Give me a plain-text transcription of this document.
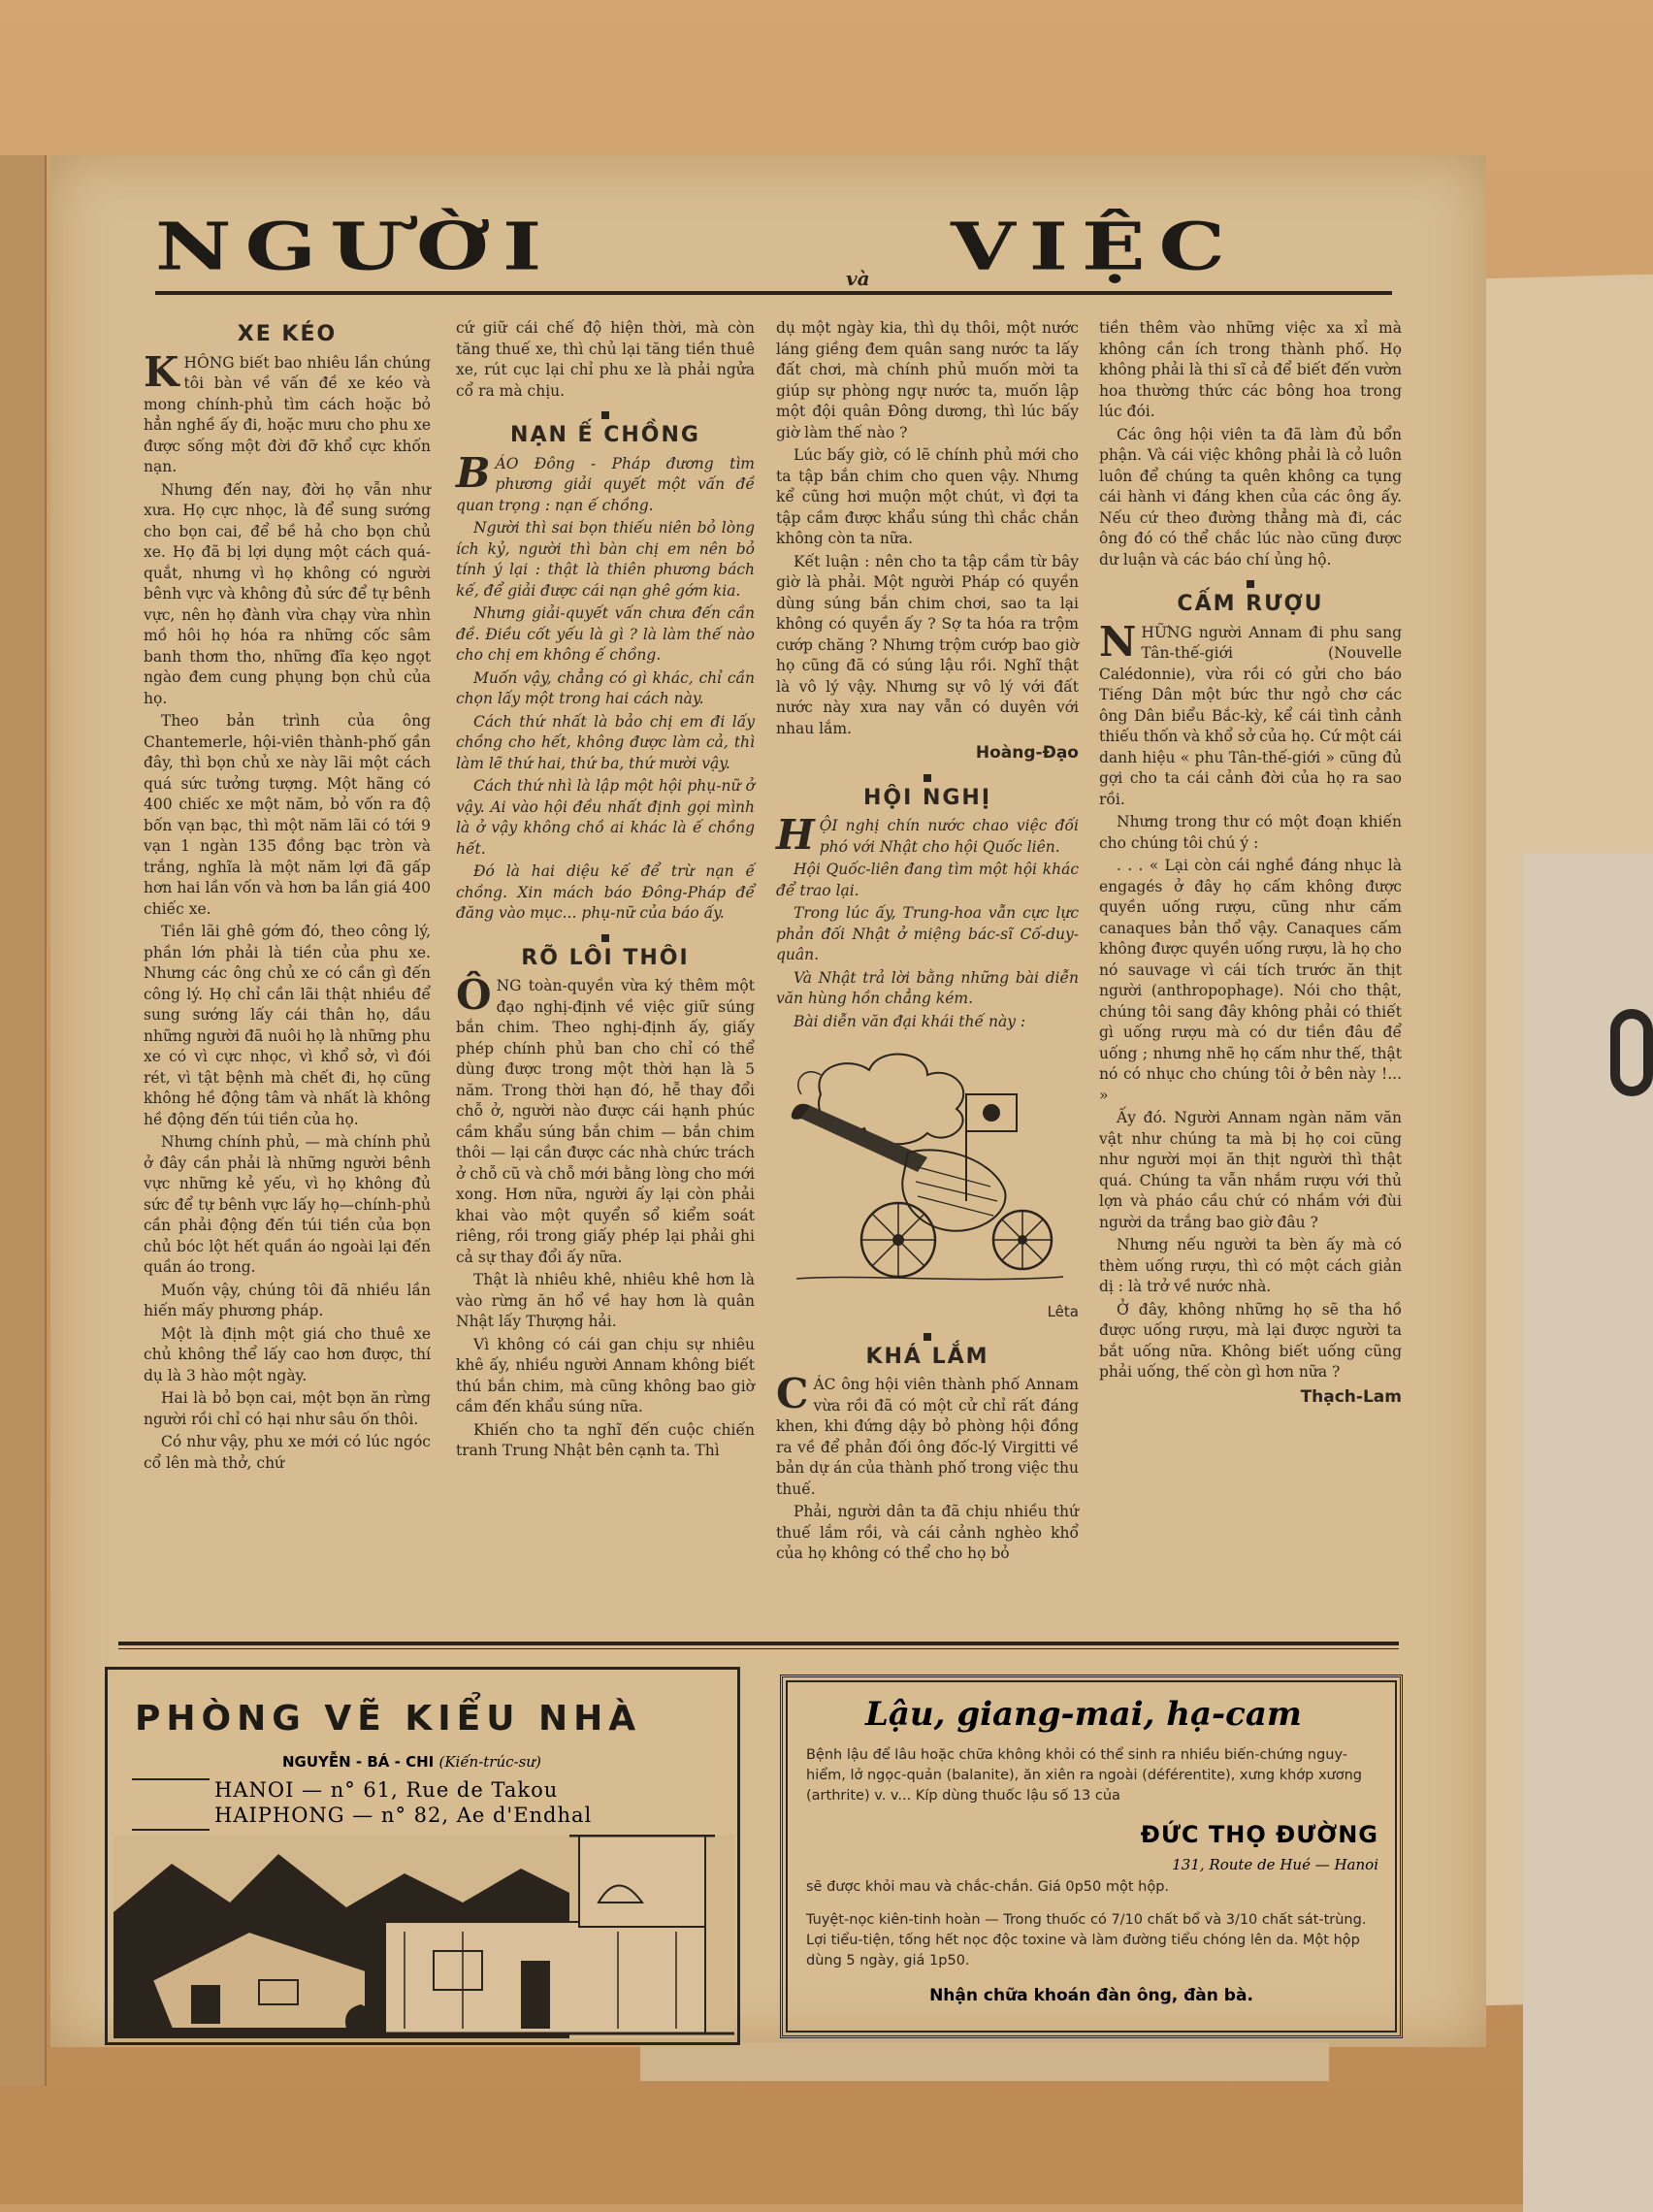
NGƯỜI	và VIỆC
XE KÉO

KHÔNG biết bao nhiêu lần chúng tôi bàn về vấn đề xe kéo và mong chính-phủ tìm cách hoặc bỏ hẳn nghề ấy đi, hoặc mưu cho phu xe được sống một đời đỡ khổ cực khốn nạn.

Nhưng đến nay, đời họ vẫn như xưa. Họ cực nhọc, là để sung sướng cho bọn cai, để bề hả cho bọn chủ xe. Họ đã bị lợi dụng một cách quá-quắt, nhưng vì họ không có người bênh vực và không đủ sức để tự bênh vực, nên họ đành vừa chạy vừa nhìn mồ hôi họ hóa ra những cốc sâm banh thơm tho, những đĩa kẹo ngọt ngào đem cung phụng bọn chủ của họ.

Theo bản trình của ông Chantemerle, hội-viên thành-phố gần đây, thì bọn chủ xe này lãi một cách quá sức tưởng tượng. Một hãng có 400 chiếc xe một năm, bỏ vốn ra độ bốn vạn bạc, thì một năm lãi có tới 9 vạn 1 ngàn 135 đồng bạc tròn và trắng, nghĩa là một năm lợi đã gấp hơn hai lần vốn và hơn ba lần giá 400 chiếc xe.

Tiền lãi ghê gớm đó, theo công lý, phần lớn phải là tiền của phu xe. Nhưng các ông chủ xe có cần gì đến công lý. Họ chỉ cần lãi thật nhiều để sung sướng lấy cái thân họ, dầu những người đã nuôi họ là những phu xe có vì cực nhọc, vì khổ sở, vì đói rét, vì tật bệnh mà chết đi, họ cũng không hề động tâm và nhất là không hề động đến túi tiền của họ.

Nhưng chính phủ, — mà chính phủ ở đây cần phải là những người bênh vực những kẻ yếu, vì họ không đủ sức để tự bênh vực lấy họ—chính-phủ cần phải động đến túi tiền của bọn chủ bóc lột hết quần áo ngoài lại đến quần áo trong.

Muốn vậy, chúng tôi đã nhiều lần hiến mấy phương pháp.

Một là định một giá cho thuê xe chủ không thể lấy cao hơn được, thí dụ là 3 hào một ngày.

Hai là bỏ bọn cai, một bọn ăn rừng người rồi chỉ có hại như sâu ốn thôi.

Có như vậy, phu xe mới có lúc ngóc cổ lên mà thở, chứ

cứ giữ cái chế độ hiện thời, mà còn tăng thuế xe, thì chủ lại tăng tiền thuê xe, rút cục lại chỉ phu xe là phải ngửa cổ ra mà chịu.

NẠN Ế CHỒNG

BÁO Đông - Pháp đương tìm phương giải quyết một vấn đề quan trọng : nạn ế chồng.

Người thì sai bọn thiếu niên bỏ lòng ích kỷ, người thì bàn chị em nên bỏ tính ý lại : thật là thiên phương bách kế, để giải được cái nạn ghê gớm kia.

Nhưng giải-quyết vấn chưa đến cần đề. Điều cốt yếu là gì ? là làm thế nào cho chị em không ế chồng.

Muốn vậy, chẳng có gì khác, chỉ cần chọn lấy một trong hai cách này.

Cách thứ nhất là bảo chị em đi lấy chồng cho hết, không được làm cả, thì làm lẽ thứ hai, thứ ba, thứ mười vậy.

Cách thứ nhì là lập một hội phụ-nữ ở vậy. Ai vào hội đều nhất định gọi mình là ở vậy không chồ ai khác là ế chồng hết.

Đó là hai diệu kế để trừ nạn ế chồng. Xin mách báo Đông-Pháp để đăng vào mục... phụ-nữ của báo ấy.

RÕ LÔI THÔI

ÔNG toàn-quyền vừa ký thêm một đạo nghị-định về việc giữ súng bắn chim. Theo nghị-định ấy, giấy phép chính phủ ban cho chỉ có thể dùng được trong một thời hạn là 5 năm. Trong thời hạn đó, hễ thay đổi chỗ ở, người nào được cái hạnh phúc cầm khẩu súng bắn chim — bắn chim thôi — lại cần được các nhà chức trách ở chỗ cũ và chỗ mới bằng lòng cho mới xong. Hơn nữa, người ấy lại còn phải khai vào một quyển sổ kiểm soát riêng, rồi trong giấy phép lại phải ghi cả sự thay đổi ấy nữa.

Thật là nhiêu khê, nhiêu khê hơn là vào rừng ăn hổ về hay hơn là quân Nhật lấy Thượng hải.

Vì không có cái gan chịu sự nhiêu khê ấy, nhiều người Annam không biết thú bắn chim, mà cũng không bao giờ cầm đến khẩu súng nữa.

Khiến cho ta nghĩ đến cuộc chiến tranh Trung Nhật bên cạnh ta. Thì

dụ một ngày kia, thì dụ thôi, một nước láng giềng đem quân sang nước ta lấy đất chơi, mà chính phủ muốn mời ta giúp sự phòng ngự nước ta, muốn lập một đội quân Đông dương, thì lúc bấy giờ làm thế nào ?

Lúc bấy giờ, có lẽ chính phủ mới cho ta tập bắn chim cho quen vậy. Nhưng kể cũng hơi muộn một chút, vì đợi ta tập cầm được khẩu súng thì chắc chắn không còn ta nữa.

Kết luận : nên cho ta tập cầm từ bây giờ là phải. Một người Pháp có quyền dùng súng bắn chim chơi, sao ta lại không có quyền ấy ? Sợ ta hóa ra trộm cướp chăng ? Nhưng trộm cướp bao giờ họ cũng đã có súng lậu rồi. Nghĩ thật là vô lý vậy. Nhưng sự vô lý với đất nước này xưa nay vẫn có duyên với nhau lắm.

Hoàng-Đạo
HỘI NGHỊ

HỘI nghị chín nước chao việc đối phó với Nhật cho hội Quốc liên.

Hội Quốc-liên đang tìm một hội khác để trao lại.

Trong lúc ấy, Trung-hoa vẫn cực lực phản đối Nhật ở miệng bác-sĩ Cố-duy-quân.

Và Nhật trả lời bằng những bài diễn văn hùng hồn chẳng kém.

Bài diễn văn đại khái thế này :

Lêta
KHÁ LẮM

CÁC ông hội viên thành phố Annam vừa rồi đã có một cử chỉ rất đáng khen, khi đứng dậy bỏ phòng hội đồng ra về để phản đối ông đốc-lý Virgitti về bản dự án của thành phố trong việc thu thuế.

Phải, người dân ta đã chịu nhiều thứ thuế lắm rồi, và cái cảnh nghèo khổ của họ không có thể cho họ bỏ

tiền thêm vào những việc xa xỉ mà không cần ích trong thành phố. Họ không phải là thi sĩ cả để biết đến vườn hoa thường thức các bông hoa trong lúc đói.

Các ông hội viên ta đã làm đủ bổn phận. Và cái việc không phải là cỏ luôn luôn để chúng ta quên không ca tụng cái hành vi đáng khen của các ông ấy. Nếu cứ theo đường thẳng mà đi, các ông đó có thể chắc lúc nào cũng được dư luận và các báo chí ủng hộ.

CẤM RƯỢU

NHỮNG người Annam đi phu sang Tân-thế-giới (Nouvelle Calédonnie), vừa rồi có gửi cho báo Tiếng Dân một bức thư ngỏ chơ các ông Dân biểu Bắc-kỳ, kể cái tình cảnh thiếu thốn và khổ sở của họ. Cứ một cái danh hiệu « phu Tân-thế-giới » cũng đủ gợi cho ta cái cảnh đời của họ ra sao rồi.

Nhưng trong thư có một đoạn khiến cho chúng tôi chú ý :

. . . « Lại còn cái nghề đáng nhục là engagés ở đây họ cấm không được quyền uống rượu, cũng như cấm canaques bản thổ vậy. Canaques cấm không được quyền uống rượu, là họ cho nó sauvage vì cái tích trước ăn thịt người (anthropophage). Nói cho thật, chúng tôi sang đây không phải có thiết gì uống rượu mà có dư tiền đâu để uống ; nhưng nhẽ họ cấm như thế, thật nó có nhục cho chúng tôi ở bên này !... »

Ấy đó. Người Annam ngàn năm văn vật như chúng ta mà bị họ coi cũng như người mọi ăn thịt người thì thật quá. Chúng ta vẫn nhắm rượu với thủ lợn và pháo cầu chứ có nhầm với đùi người da trắng bao giờ đâu ?

Nhưng nếu người ta bèn ấy mà có thèm uống rượu, thì có một cách giản dị : là trở về nước nhà.

Ở đây, không những họ sẽ tha hồ được uống rượu, mà lại được người ta bắt uống nữa. Không biết uống cũng phải uống, thế còn gì hơn nữa ?

Thạch-Lam
PHÒNG VẼ KIỂU NHÀ
NGUYỄN - BÁ - CHI (Kiến-trúc-sư)
HANOI — n° 61, Rue de Takou
HAIPHONG — n° 82, Ae d'Endhal
Lậu, giang-mai, hạ-cam
Bệnh lậu để lâu hoặc chữa không khỏi có thể sinh ra nhiều biến-chứng nguy-hiểm, lở ngọc-quản (balanite), ăn xiên ra ngoài (déférentite), xưng khớp xương (arthrite) v. v... Kíp dùng thuốc lậu số 13 của
ĐỨC THỌ ĐƯỜNG
131, Route de Hué — Hanoi
sẽ được khỏi mau và chắc-chắn. Giá 0p50 một hộp.
Tuyệt-nọc kiên-tinh hoàn — Trong thuốc có 7/10 chất bổ và 3/10 chất sát-trùng. Lợi tiểu-tiện, tống hết nọc độc toxine và làm đường tiểu chóng lên da. Một hộp dùng 5 ngày, giá 1p50.
Nhận chữa khoán đàn ông, đàn bà.
